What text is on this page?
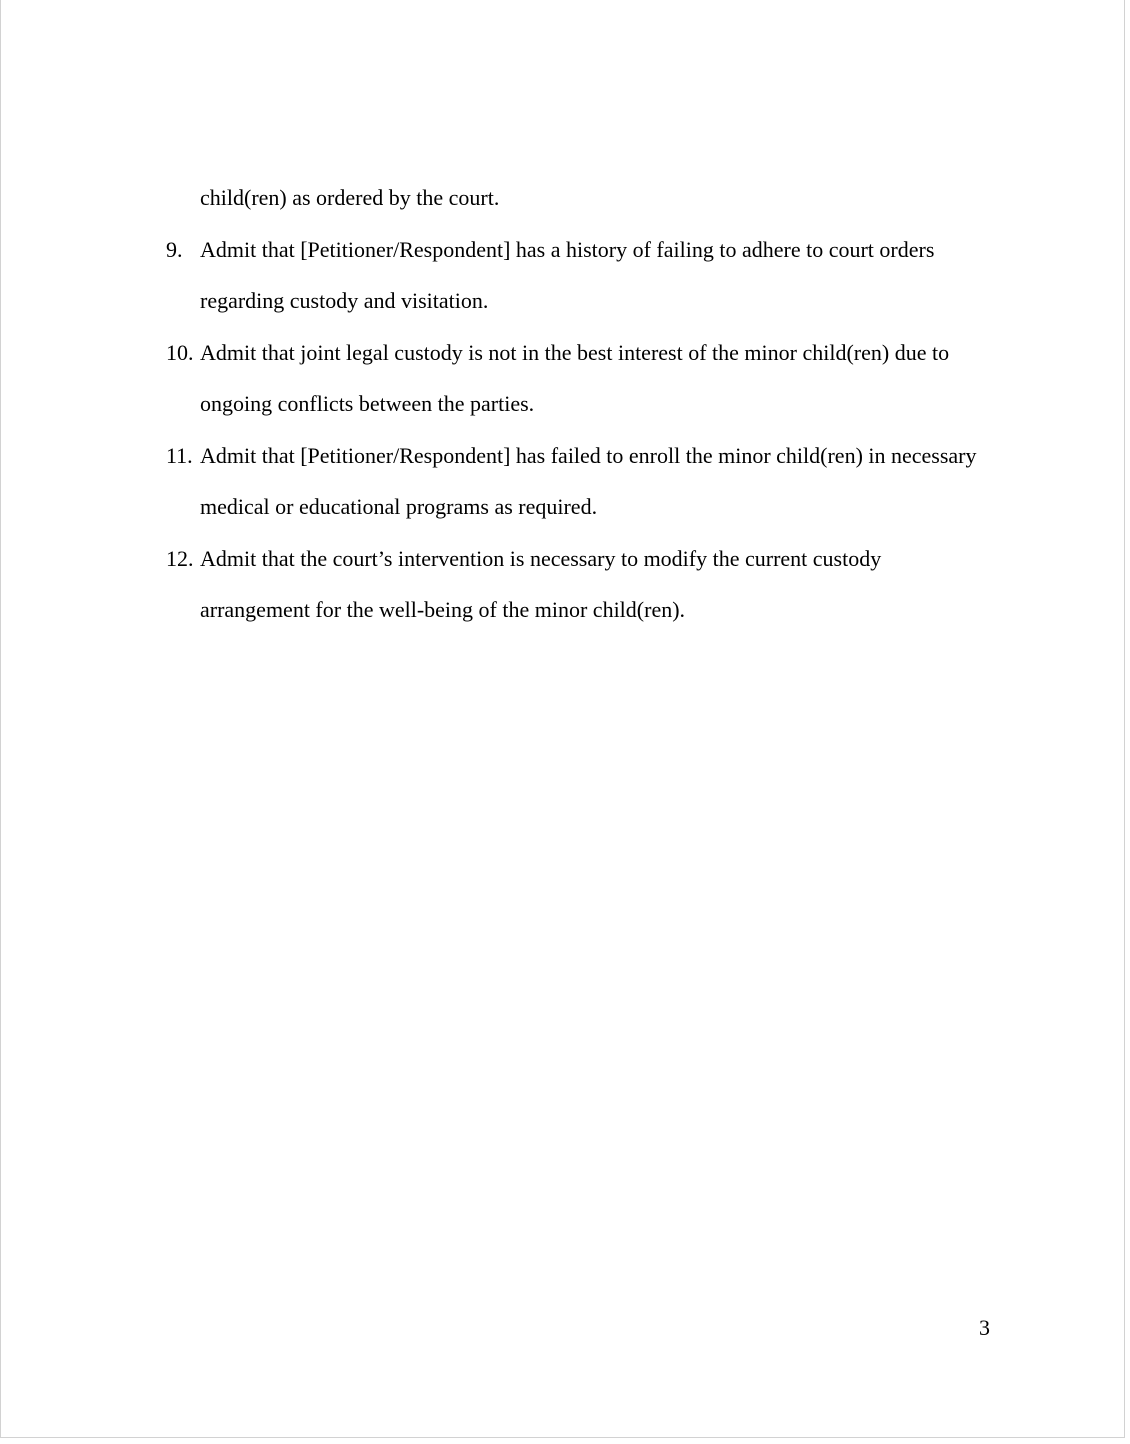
child(ren) as ordered by the court.
9. Admit that [Petitioner/Respondent] has a history of failing to adhere to court orders
regarding custody and visitation.
10. Admit that joint legal custody is not in the best interest of the minor child(ren) due to
ongoing conflicts between the parties.
11. Admit that [Petitioner/Respondent] has failed to enroll the minor child(ren) in necessary
medical or educational programs as required.
12. Admit that the court’s intervention is necessary to modify the current custody
arrangement for the well-being of the minor child(ren).
3
